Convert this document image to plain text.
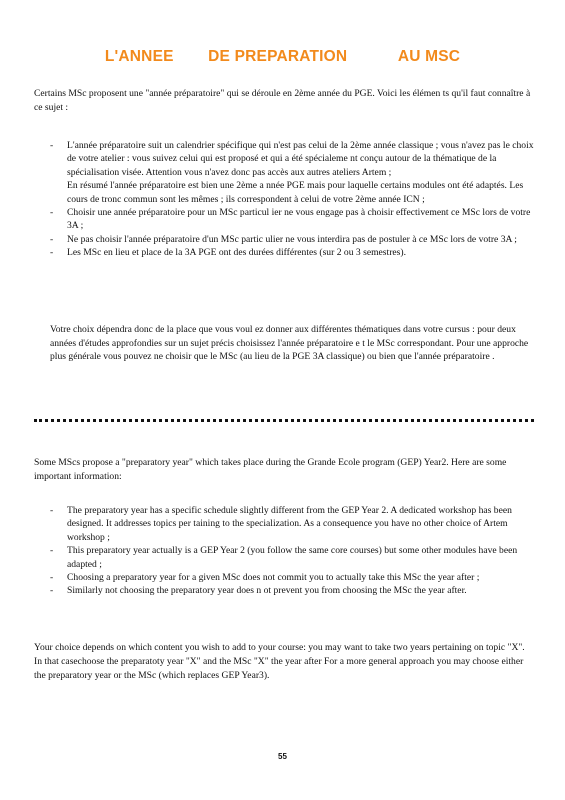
L'ANNEE DE PREPARATION	AU MSC

Certains MSc proposent une "année préparatoire" qui se déroule en 2ème année du PGE. Voici les élémen ts qu'il faut connaître à ce sujet :

- L'année préparatoire suit un calendrier spécifique qui n'est pas celui de la 2ème année classique ; vous n'avez pas le choix de votre atelier : vous suivez celui qui est proposé et qui a été spécialeme nt conçu autour de la thématique de la spécialisation visée. Attention vous n'avez donc pas accès aux autres ateliers Artem ;
En résumé l'année préparatoire est bien une 2ème a nnée PGE mais pour laquelle certains modules ont été adaptés. Les cours de tronc commun sont les mêmes ; ils correspondent à celui de votre 2ème année ICN ;
- Choisir une année préparatoire pour un MSc particul ier ne vous engage pas à choisir effectivement ce MSc lors de votre 3A ;
- Ne pas choisir l'année préparatoire d'un MSc partic ulier ne vous interdira pas de postuler à ce MSc lors de votre 3A ;
- Les MSc en lieu et place de la 3A PGE ont des durées différentes (sur 2 ou 3 semestres).

Votre choix dépendra donc de la place que vous voul ez donner aux différentes thématiques dans votre cursus : pour deux années d'études approfondies sur un sujet précis choisissez l'année préparatoire e t le MSc correspondant. Pour une approche plus générale vous pouvez ne choisir que le MSc (au lieu de la PGE 3A classique) ou bien que l'année préparatoire .

Some MScs propose a "preparatory year" which takes place during the Grande Ecole program (GEP) Year2. Here are some important information:

- The preparatory year has a specific schedule slightly different from the GEP Year 2. A dedicated workshop has been designed. It addresses topics per taining to the specialization. As a consequence you have no other choice of Artem workshop ;
- This preparatory year actually is a GEP Year 2 (you follow the same core courses) but some other modules have been adapted ;
- Choosing a preparatory year for a given MSc does not commit you to actually take this MSc the year after ;
- Similarly not choosing the preparatory year does n ot prevent you from choosing the MSc the year after.

Your choice depends on which content you wish to add to your course: you may want to take two years pertaining on topic "X". In that casechoose the preparatoty year "X" and the MSc "X" the year after For a more general approach you may choose either the preparatory year or the MSc (which replaces GEP Year3).

55
